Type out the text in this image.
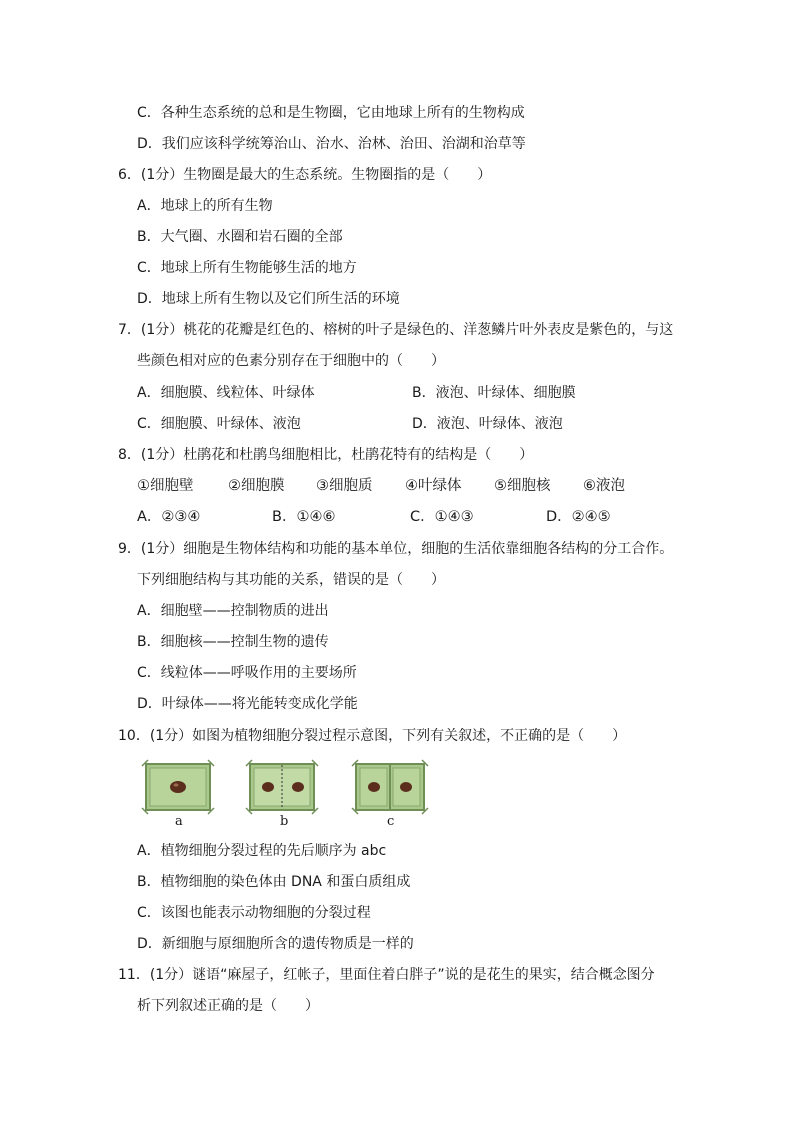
C．各种生态系统的总和是生物圈，它由地球上所有的生物构成
D．我们应该科学统筹治山、治水、治林、治田、治湖和治草等
6．(1分）生物圈是最大的生态系统。生物圈指的是（　　）
A．地球上的所有生物
B．大气圈、水圈和岩石圈的全部
C．地球上所有生物能够生活的地方
D．地球上所有生物以及它们所生活的环境
7．(1分）桃花的花瓣是红色的、榕树的叶子是绿色的、洋葱鳞片叶外表皮是紫色的，与这
些颜色相对应的色素分别存在于细胞中的（　　）
A．细胞膜、线粒体、叶绿体	B．液泡、叶绿体、细胞膜
C．细胞膜、叶绿体、液泡	D．液泡、叶绿体、液泡
8．(1分）杜鹃花和杜鹃鸟细胞相比，杜鹃花特有的结构是（　　）
①细胞壁 ②细胞膜 ③细胞质 ④叶绿体 ⑤细胞核 ⑥液泡
A．②③④	B．①④⑥	C．①④③	D．②④⑤
9．(1分）细胞是生物体结构和功能的基本单位，细胞的生活依靠细胞各结构的分工合作。
下列细胞结构与其功能的关系，错误的是（　　）
A．细胞壁——控制物质的进出
B．细胞核——控制生物的遗传
C．线粒体——呼吸作用的主要场所
D．叶绿体——将光能转变成化学能
10．(1分）如图为植物细胞分裂过程示意图，下列有关叙述，不正确的是（　　）
a	b	c
A．植物细胞分裂过程的先后顺序为 abc
B．植物细胞的染色体由 DNA 和蛋白质组成
C．该图也能表示动物细胞的分裂过程
D．新细胞与原细胞所含的遗传物质是一样的
11．(1分）谜语“麻屋子，红帐子，里面住着白胖子”说的是花生的果实，结合概念图分
析下列叙述正确的是（　　）
